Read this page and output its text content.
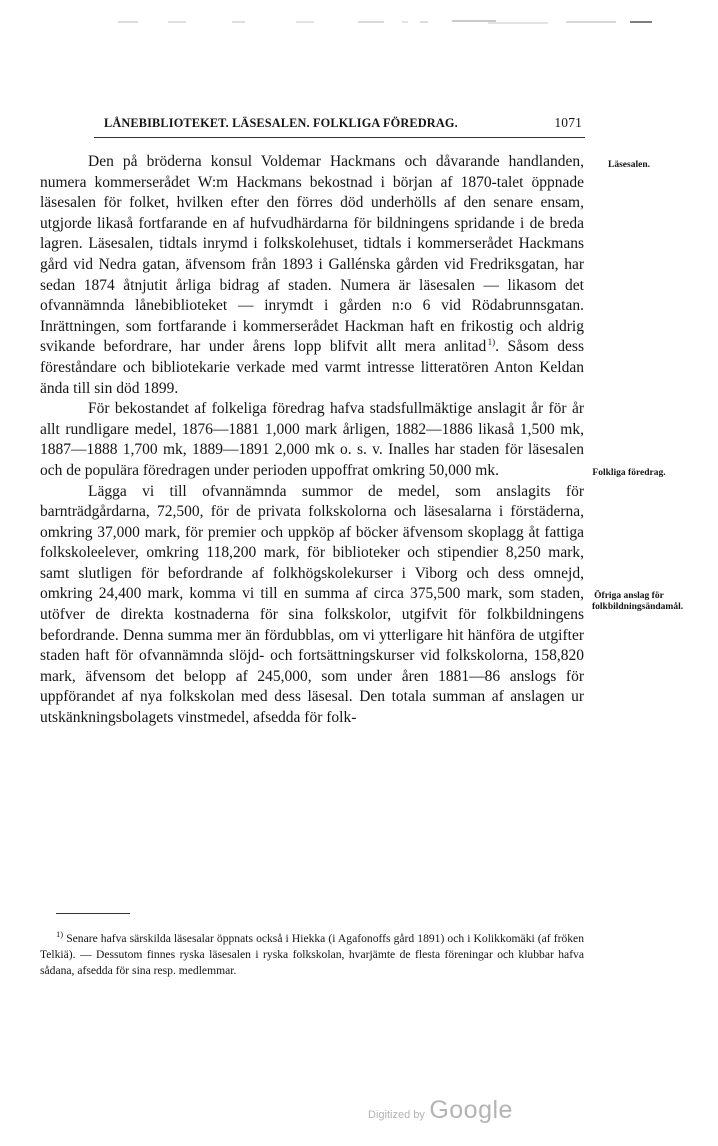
LÅNEBIBLIOTEKET. LÄSESALEN. FOLKLIGA FÖREDRAG.	1071

Den på bröderna konsul Voldemar Hackmans och dåvarande handlanden, numera kommerserådet W:m Hackmans bekostnad i början af 1870-talet öppnade läsesalen för folket, hvilken efter den förres död underhölls af den senare ensam, utgjorde likaså fortfarande en af hufvudhärdarna för bildningens spridande i de breda lagren. Läsesalen, tidtals inrymd i folkskolehuset, tidtals i kommerserådet Hackmans gård vid Nedra gatan, äfvensom från 1893 i Gallénska gården vid Fredriksgatan, har sedan 1874 åtnjutit årliga bidrag af staden. Numera är läsesalen — likasom det ofvannämnda lånebiblioteket — inrymdt i gården n:o 6 vid Rödabrunnsgatan. Inrättningen, som fortfarande i kommerserådet Hackman haft en frikostig och aldrig svikande befordrare, har under årens lopp blifvit allt mera anlitad $^{1)}$. Såsom dess föreståndare och bibliotekarie verkade med varmt intresse litteratören Anton Keldan ända till sin död 1899.

För bekostandet af folkeliga föredrag hafva stadsfullmäktige anslagit år för år allt rundligare medel, 1876—1881 1,000 mark årligen, 1882—1886 likaså 1,500 mk, 1887—1888 1,700 mk, 1889—1891 2,000 mk o. s. v. Inalles har staden för läsesalen och de populära föredragen under perioden uppoffrat omkring 50,000 mk.

Lägga vi till ofvannämnda summor de medel, som anslagits för barnträdgårdarna, 72,500, för de privata folkskolorna och läsesalarna i förstäderna, omkring 37,000 mark, för premier och uppköp af böcker äfvensom skoplagg åt fattiga folkskoleelever, omkring 118,200 mark, för biblioteker och stipendier 8,250 mark, samt slutligen för befordrande af folkhögskolekurser i Viborg och dess omnejd, omkring 24,400 mark, komma vi till en summa af circa 375,500 mark, som staden, utöfver de direkta kostnaderna för sina folkskolor, utgifvit för folkbildningens befordrande. Denna summa mer än fördubblas, om vi ytterligare hit hänföra de utgifter staden haft för ofvannämnda slöjd- och fortsättningskurser vid folkskolorna, 158,820 mark, äfvensom det belopp af 245,000, som under åren 1881—86 anslogs för uppförandet af nya folkskolan med dess läsesal. Den totala summan af anslagen ur utskänkningsbolagets vinstmedel, afsedda för folk-

Läsesalen.
Folkliga föredrag.
Öfriga anslag för folkbildningsändamål.
$^{1)}$ Senare hafva särskilda läsesalar öppnats också i Hiekka (i Agafonoffs gård 1891) och i Kolikkomäki (af fröken Telkiä). — Dessutom finnes ryska läsesalen i ryska folkskolan, hvarjämte de flesta föreningar och klubbar hafva sådana, afsedda för sina resp. medlemmar.
Digitized by Google
